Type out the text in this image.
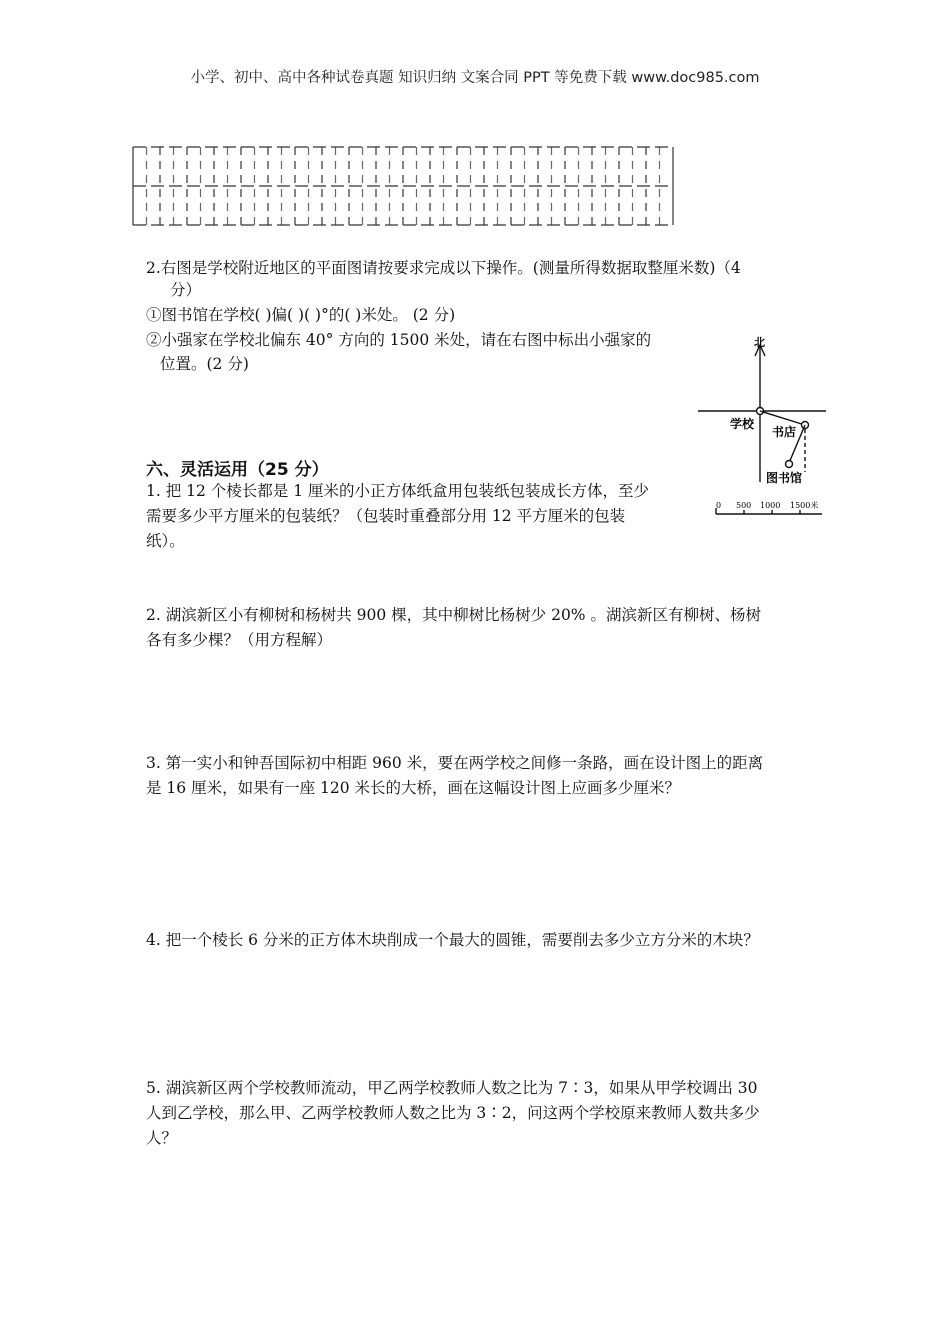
小学、初中、高中各种试卷真题 知识归纳 文案合同 PPT 等免费下载 www.doc985.com
2.右图是学校附近地区的平面图请按要求完成以下操作。(测量所得数据取整厘米数)（4
分）
①图书馆在学校( )偏( )( )°的( )米处。 (2 分)
②小强家在学校北偏东 40° 方向的 1500 米处，请在右图中标出小强家的
位置。(2 分)
北
学校
书店
图书馆
0 500 1000 1500米
六、灵活运用（25 分）
1. 把 12 个棱长都是 1 厘米的小正方体纸盒用包装纸包装成长方体，至少
需要多少平方厘米的包装纸？（包装时重叠部分用 12 平方厘米的包装
纸）。
2. 湖滨新区小有柳树和杨树共 900 棵，其中柳树比杨树少 20% 。湖滨新区有柳树、杨树
各有多少棵？（用方程解）
3. 第一实小和钟吾国际初中相距 960 米，要在两学校之间修一条路，画在设计图上的距离
是 16 厘米，如果有一座 120 米长的大桥，画在这幅设计图上应画多少厘米？
4. 把一个棱长 6 分米的正方体木块削成一个最大的圆锥，需要削去多少立方分米的木块？
5. 湖滨新区两个学校教师流动，甲乙两学校教师人数之比为 7∶3，如果从甲学校调出 30
人到乙学校，那么甲、乙两学校教师人数之比为 3∶2，问这两个学校原来教师人数共多少
人？
